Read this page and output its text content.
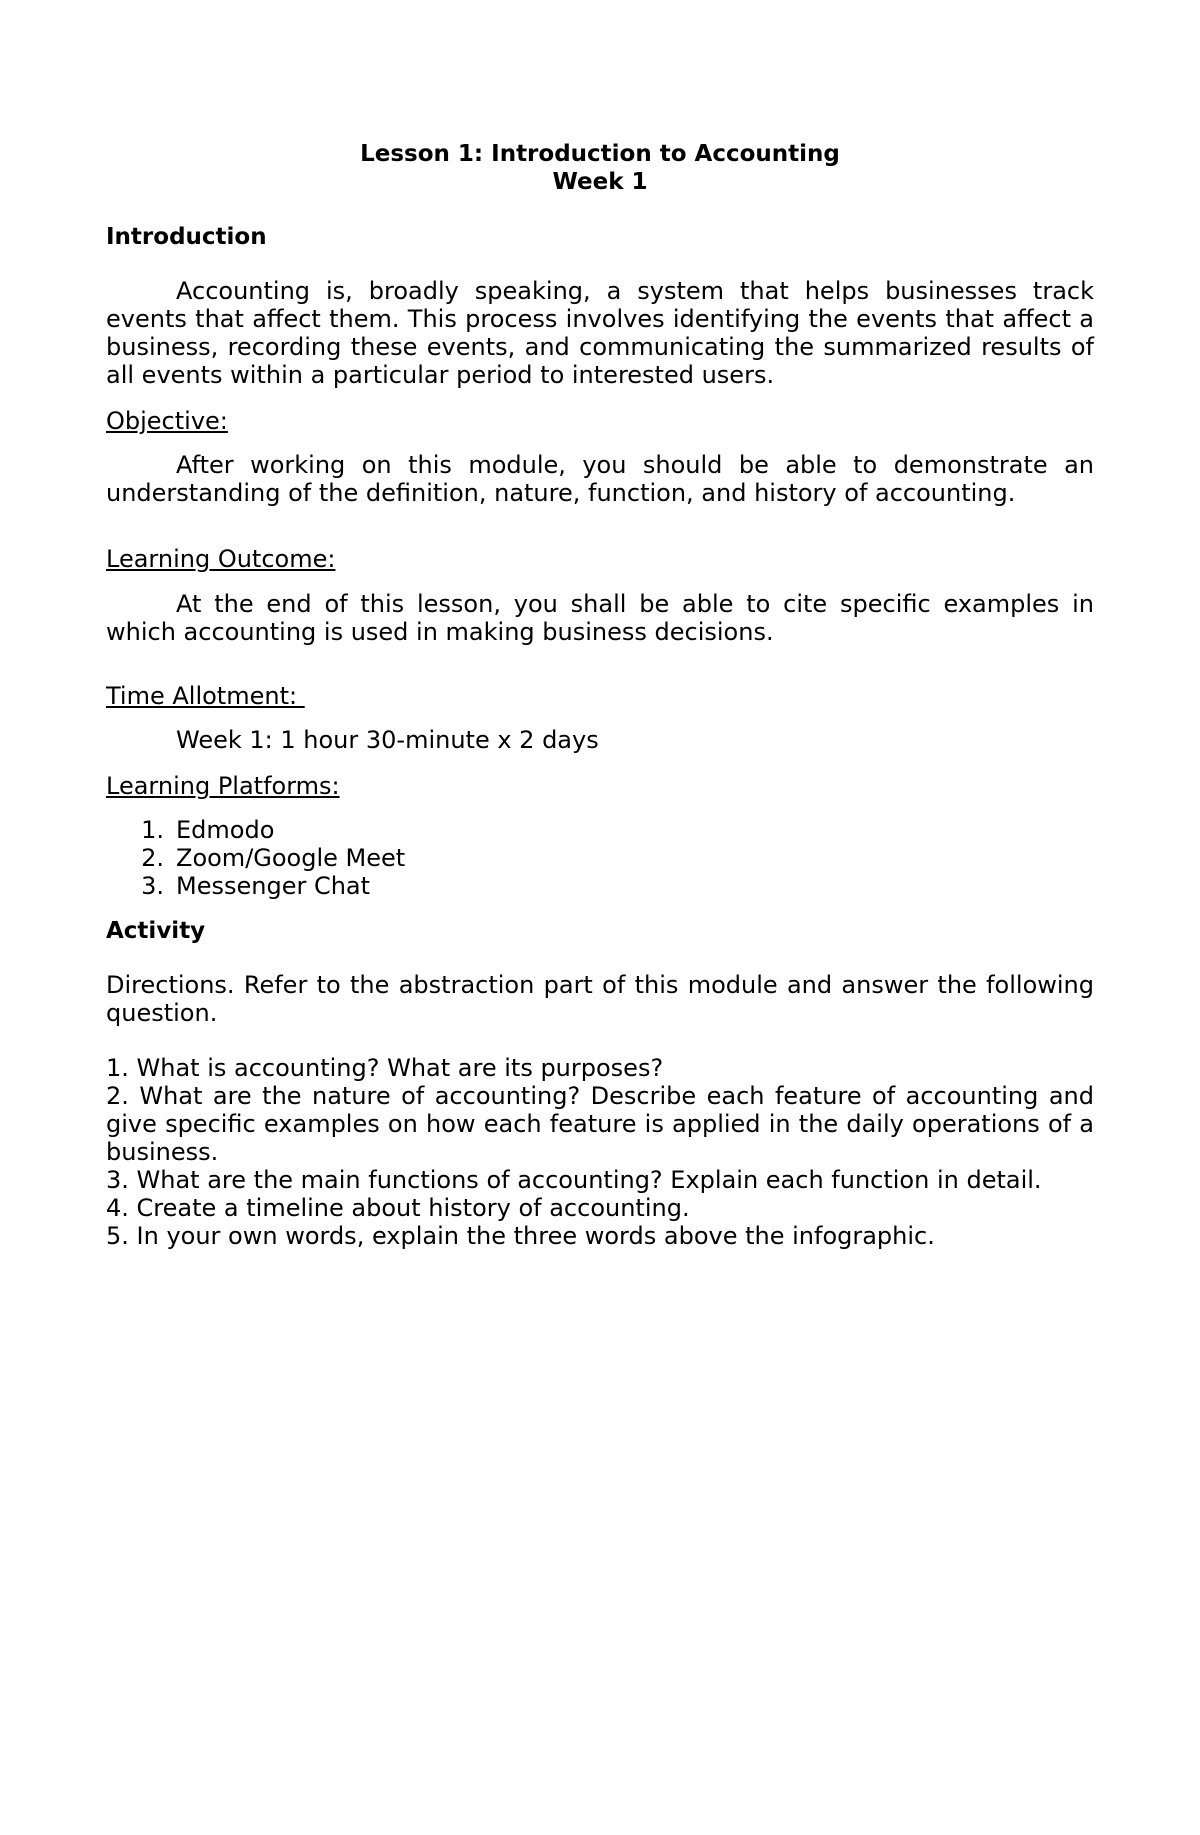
Lesson 1: Introduction to Accounting
Week 1
Introduction

Accounting is, broadly speaking, a system that helps businesses track events that affect them. This process involves identifying the events that affect a business, recording these events, and communicating the summarized results of all events within a particular period to interested users.

Objective:

After working on this module, you should be able to demonstrate an understanding of the definition, nature, function, and history of accounting.

Learning Outcome:

At the end of this lesson, you shall be able to cite specific examples in which accounting is used in making business decisions.

Time Allotment:
Week 1: 1 hour 30-minute x 2 days
Learning Platforms:
1. Edmodo
2. Zoom/Google Meet
3. Messenger Chat
Activity

Directions. Refer to the abstraction part of this module and answer the following question.

1. What is accounting? What are its purposes?

2. What are the nature of accounting? Describe each feature of accounting and give specific examples on how each feature is applied in the daily operations of a business.

3. What are the main functions of accounting? Explain each function in detail.

4. Create a timeline about history of accounting.

5. In your own words, explain the three words above the infographic.
